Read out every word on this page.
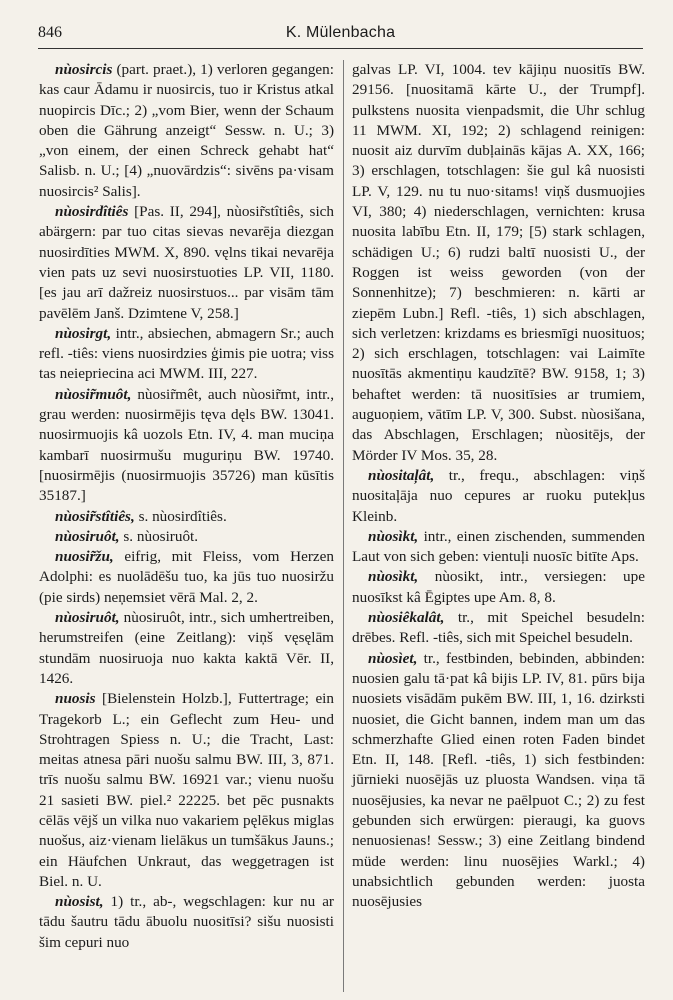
846	K. Mülenbacha

nùosircis (part. praet.), 1) verloren gegangen: kas caur Ādamu ir nuosircis, tuo ir Kristus atkal nuopircis Dīc.; 2) „vom Bier, wenn der Schaum oben die Gährung anzeigt“ Sessw. n. U.; 3) „von einem, der einen Schreck gehabt hat“ Salisb. n. U.; [4) „nuovārdzis“: sivēns pa·visam nuosircis² Salis].

nùosirdîtiês [Pas. II, 294], nùosir̃stîtiês, sich abärgern: par tuo citas sievas nevarēja diezgan nuosirdīties MWM. X, 890. vęlns tikai nevarēja vien pats uz sevi nuosirstuoties LP. VII, 1180. [es jau arī dažreiz nuosirstuos... par visām tām pavēlēm Janš. Dzimtene V, 258.]

nùosirgt, intr., absiechen, abmagern Sr.; auch refl. -tiês: viens nuosirdzies ģimis pie uotra; viss tas neiepriecina aci MWM. III, 227.

nùosir̃muôt, nùosir̃mêt, auch nùosir̃mt, intr., grau werden: nuosirmējis tęva dęls BW. 13041. nuosirmuojis kâ uozols Etn. IV, 4. man muciņa kambarī nuosirmušu muguriņu BW. 19740. [nuosirmējis (nuosirmuojis 35726) man kūsītis 35187.]

nùosir̃stîtiês, s. nùosirdîtiês.

nùosiruôt, s. nùosiruôt.

nuosir̃žu, eifrig, mit Fleiss, vom Herzen Adolphi: es nuolādēšu tuo, ka jūs tuo nuosiržu (pie sirds) neņemsiet vērā Mal. 2, 2.

nùosiruôt, nùosiruôt, intr., sich umhertreiben, herumstreifen (eine Zeitlang): viņš vęsęlām stundām nuosiruoja nuo kakta kaktā Vēr. II, 1426.

nuosis [Bielenstein Holzb.], Futtertrage; ein Tragekorb L.; ein Geflecht zum Heu- und Strohtragen Spiess n. U.; die Tracht, Last: meitas atnesa pāri nuošu salmu BW. III, 3, 871. trīs nuošu salmu BW. 16921 var.; vienu nuošu 21 sasieti BW. piel.² 22225. bet pēc pusnakts cēlās vējš un vilka nuo vakariem pęlēkus miglas nuošus, aiz·vienam lielākus un tumšākus Jauns.; ein Häufchen Unkraut, das weggetragen ist Biel. n. U.

nùosist, 1) tr., ab-, wegschlagen: kur nu ar tādu šautru tādu ābuolu nuositīsi? sišu nuosisti šim cepuri nuo

galvas LP. VI, 1004. tev kājiņu nuositīs BW. 29156. [nuositamā kārte U., der Trumpf]. pulkstens nuosita vienpadsmit, die Uhr schlug 11 MWM. XI, 192; 2) schlagend reinigen: nuosit aiz durvīm dubļainās kājas A. XX, 166; 3) erschlagen, totschlagen: šie gul kâ nuosisti LP. V, 129. nu tu nuo·sitams! viņš dusmuojies VI, 380; 4) niederschlagen, vernichten: krusa nuosita labību Etn. II, 179; [5) stark schlagen, schädigen U.; 6) rudzi baltī nuosisti U., der Roggen ist weiss geworden (von der Sonnenhitze); 7) beschmieren: n. kārti ar ziepēm Lubn.] Refl. -tiês, 1) sich abschlagen, sich verletzen: krizdams es briesmīgi nuosituos; 2) sich erschlagen, totschlagen: vai Laimīte nuosītās akmentiņu kaudzītē? BW. 9158, 1; 3) behaftet werden: tā nuositīsies ar trumiem, auguoņiem, vātīm LP. V, 300. Subst. nùosišana, das Abschlagen, Erschlagen; nùositējs, der Mörder IV Mos. 35, 28.

nùositaļât, tr., frequ., abschlagen: viņš nuositaļāja nuo cepures ar ruoku putekļus Kleinb.

nùosìkt, intr., einen zischenden, summenden Laut von sich geben: vientuļi nuosīc bitīte Aps.

nùosìkt, nùosikt, intr., versiegen: upe nuosīkst kâ Ēgiptes upe Am. 8, 8.

nùosiêkalât, tr., mit Speichel besudeln: drēbes. Refl. -tiês, sich mit Speichel besudeln.

nùosìet, tr., festbinden, bebinden, abbinden: nuosien galu tā·pat kâ bijis LP. IV, 81. pūrs bija nuosiets visādām pukēm BW. III, 1, 16. dzirksti nuosiet, die Gicht bannen, indem man um das schmerzhafte Glied einen roten Faden bindet Etn. II, 148. [Refl. -tiês, 1) sich festbinden: jūrnieki nuosējās uz pluosta Wandsen. viņa tā nuosējusies, ka nevar ne paēlpuot C.; 2) zu fest gebunden sich erwürgen: pieraugi, ka guovs nenuosienas! Sessw.; 3) eine Zeitlang bindend müde werden: linu nuosējies Warkl.; 4) unabsichtlich gebunden werden: juosta nuosējusies
